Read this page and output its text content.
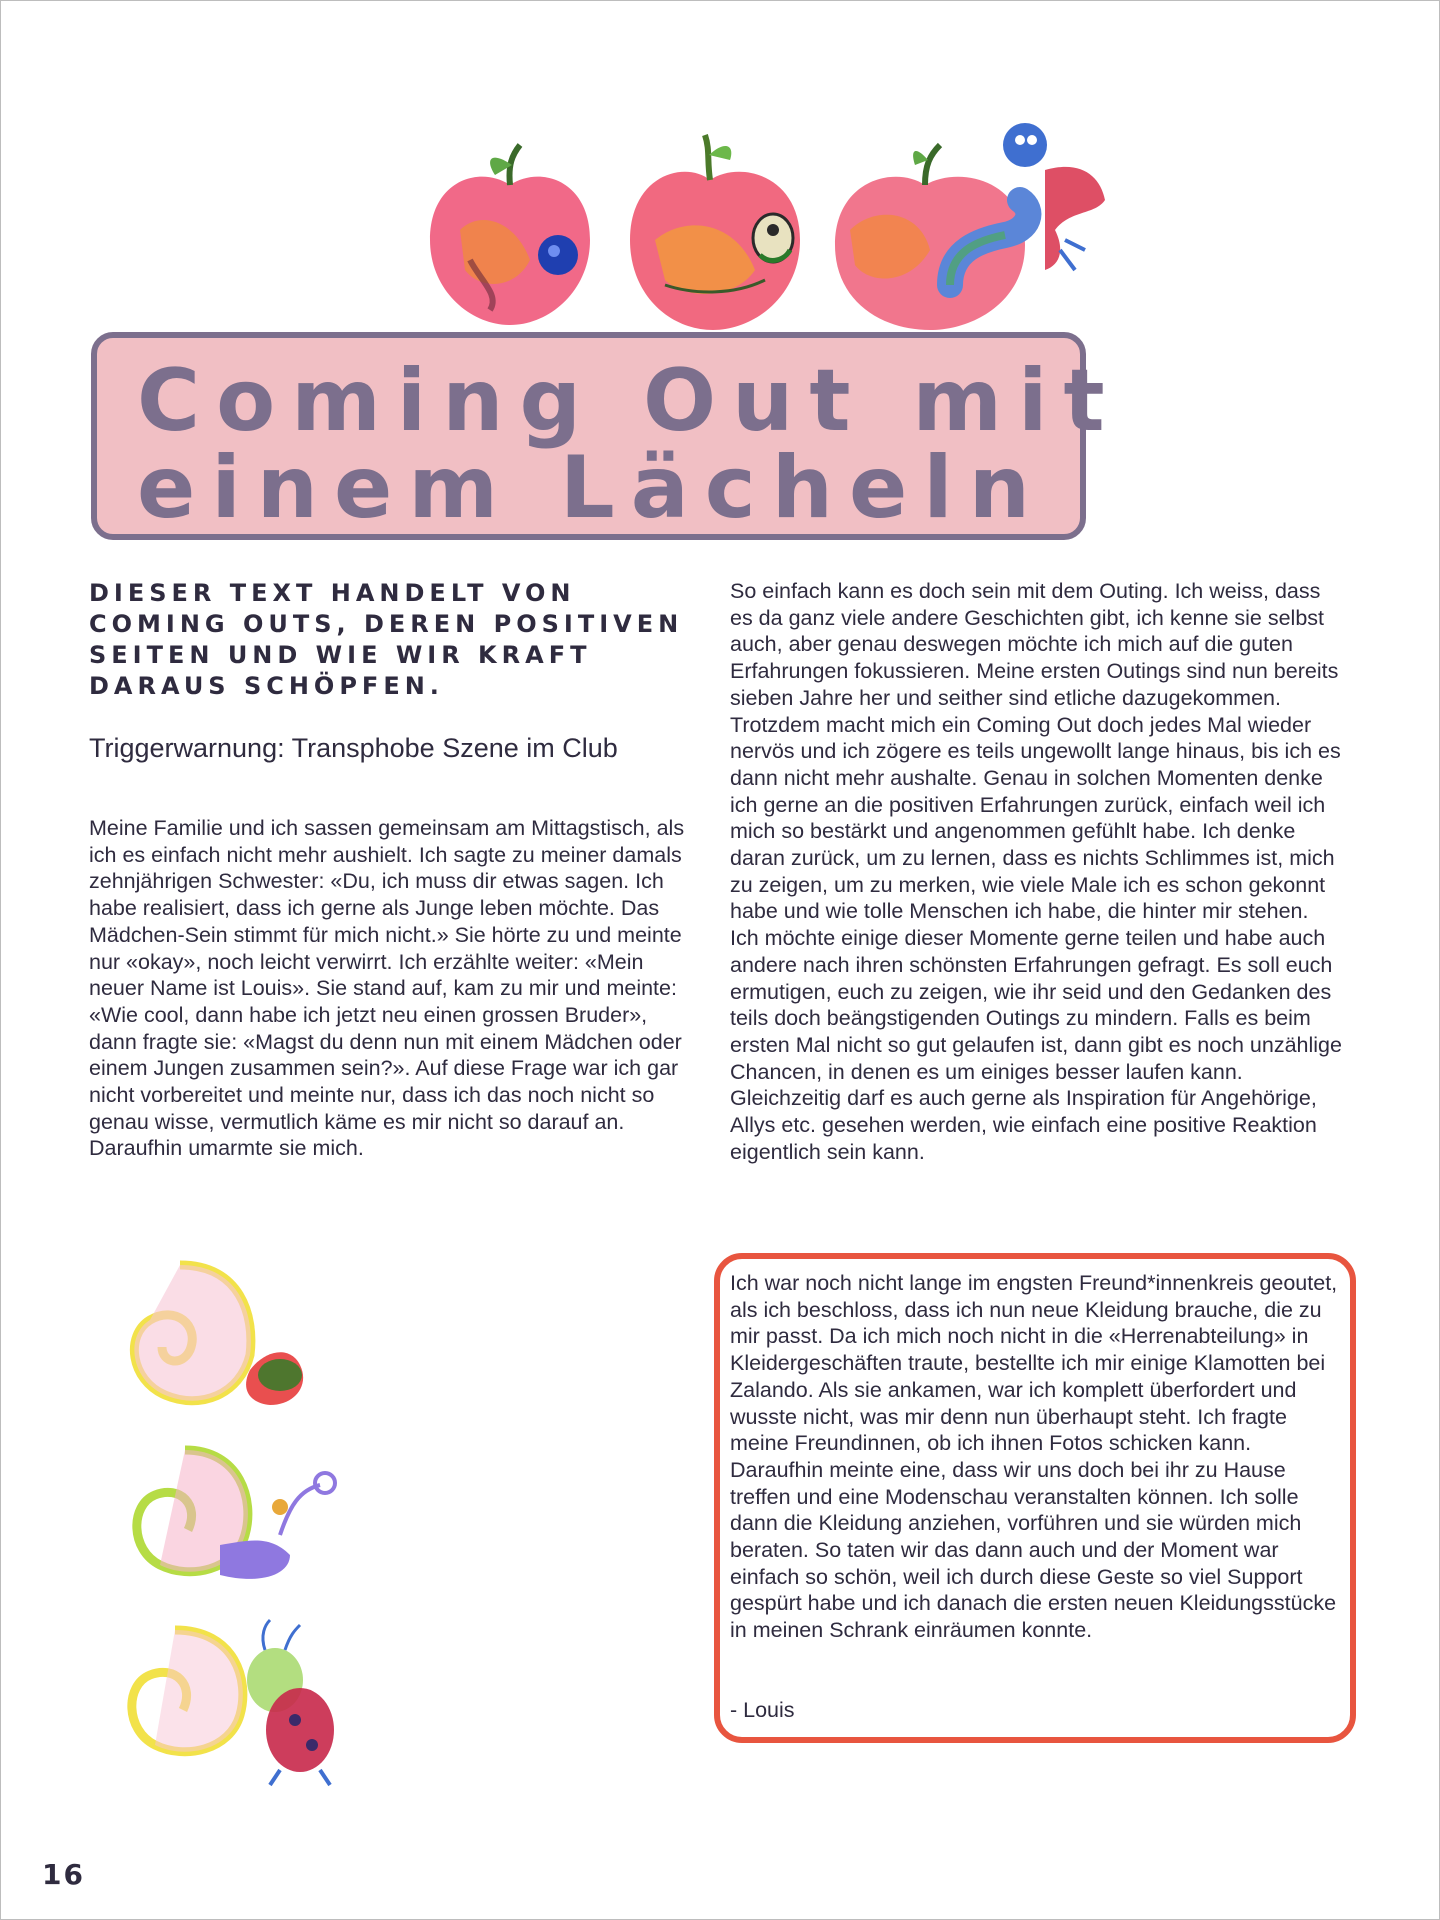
Coming Out mit
einem Lächeln

DIESER TEXT HANDELT VON COMING OUTS, DEREN POSITIVEN SEITEN UND WIE WIR KRAFT DARAUS SCHÖPFEN.

Triggerwarnung: Transphobe Szene im Club

Meine Familie und ich sassen gemeinsam am Mittagstisch, als ich es einfach nicht mehr aushielt. Ich sagte zu meiner damals zehnjährigen Schwester: «Du, ich muss dir etwas sagen. Ich habe realisiert, dass ich gerne als Junge leben möchte. Das Mädchen-Sein stimmt für mich nicht.» Sie hörte zu und meinte nur «okay», noch leicht verwirrt. Ich erzählte weiter: «Mein neuer Name ist Louis». Sie stand auf, kam zu mir und meinte: «Wie cool, dann habe ich jetzt neu einen grossen Bruder», dann fragte sie: «Magst du denn nun mit einem Mädchen oder einem Jungen zusammen sein?». Auf diese Frage war ich gar nicht vorbereitet und meinte nur, dass ich das noch nicht so genau wisse, vermutlich käme es mir nicht so darauf an. Daraufhin umarmte sie mich.

So einfach kann es doch sein mit dem Outing. Ich weiss, dass es da ganz viele andere Geschichten gibt, ich kenne sie selbst auch, aber genau deswegen möchte ich mich auf die guten Erfahrungen fokussieren. Meine ersten Outings sind nun bereits sieben Jahre her und seither sind etliche dazugekommen. Trotzdem macht mich ein Coming Out doch jedes Mal wieder nervös und ich zögere es teils ungewollt lange hinaus, bis ich es dann nicht mehr aushalte. Genau in solchen Momenten denke ich gerne an die positiven Erfahrungen zurück, einfach weil ich mich so bestärkt und angenommen gefühlt habe. Ich denke daran zurück, um zu lernen, dass es nichts Schlimmes ist, mich zu zeigen, um zu merken, wie viele Male ich es schon gekonnt habe und wie tolle Menschen ich habe, die hinter mir stehen. Ich möchte einige dieser Momente gerne teilen und habe auch andere nach ihren schönsten Erfahrungen gefragt. Es soll euch ermutigen, euch zu zeigen, wie ihr seid und den Gedanken des teils doch beängstigenden Outings zu mindern. Falls es beim ersten Mal nicht so gut gelaufen ist, dann gibt es noch unzählige Chancen, in denen es um einiges besser laufen kann. Gleichzeitig darf es auch gerne als Inspiration für Angehörige, Allys etc. gesehen werden, wie einfach eine positive Reaktion eigentlich sein kann.

Ich war noch nicht lange im engsten Freund*innenkreis geoutet, als ich beschloss, dass ich nun neue Kleidung brauche, die zu mir passt. Da ich mich noch nicht in die «Herrenabteilung» in Kleidergeschäften traute, bestellte ich mir einige Klamotten bei Zalando. Als sie ankamen, war ich komplett überfordert und wusste nicht, was mir denn nun überhaupt steht. Ich fragte meine Freundinnen, ob ich ihnen Fotos schicken kann. Daraufhin meinte eine, dass wir uns doch bei ihr zu Hause treffen und eine Modenschau veranstalten können. Ich solle dann die Kleidung anziehen, vorführen und sie würden mich beraten. So taten wir das dann auch und der Moment war einfach so schön, weil ich durch diese Geste so viel Support gespürt habe und ich danach die ersten neuen Kleidungsstücke in meinen Schrank einräumen konnte.

- Louis

16
